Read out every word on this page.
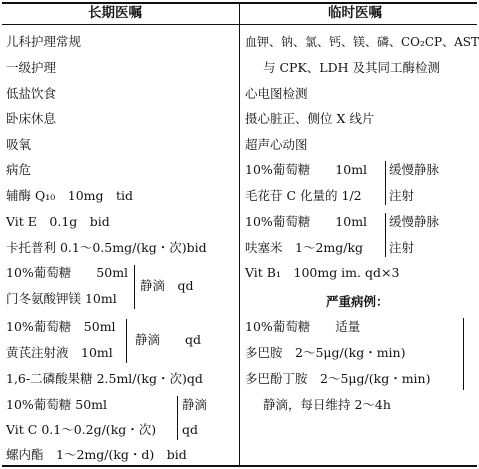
长期医嘱	临时医嘱
儿科护理常规
一级护理
低盐饮食
卧床休息
吸氧
病危
辅酶 Q₁₀　10mg　tid
Vit E　0.1g　bid
卡托普利 0.1～0.5mg/(kg・次)bid
10%葡萄糖　　50ml
门冬氨酸钾镁 10ml
静滴　qd
10%葡萄糖　50ml
黄芪注射液　10ml
静滴　　qd
1,6-二磷酸果糖 2.5ml/(kg・次)qd
10%葡萄糖 50ml
Vit C 0.1～0.2g/(kg・次)
静滴
qd
螺内酯　1～2mg/(kg・d)　bid
血钾、钠、氯、钙、镁、磷、CO₂CP、AST
与 CPK、LDH 及其同工酶检测
心电图检测
摄心脏正、侧位 X 线片
超声心动图
10%葡萄糖　　10ml
毛花苷 C 化量的 1/2
缓慢静脉
注射
10%葡萄糖　　10ml
呋塞米　1～2mg/kg
缓慢静脉
注射
Vit B₁　100mg im. qd×3
严重病例：
10%葡萄糖　　适量
多巴胺　2～5μg/(kg・min)
多巴酚丁胺　2～5μg/(kg・min)
静滴，每日维持 2～4h
